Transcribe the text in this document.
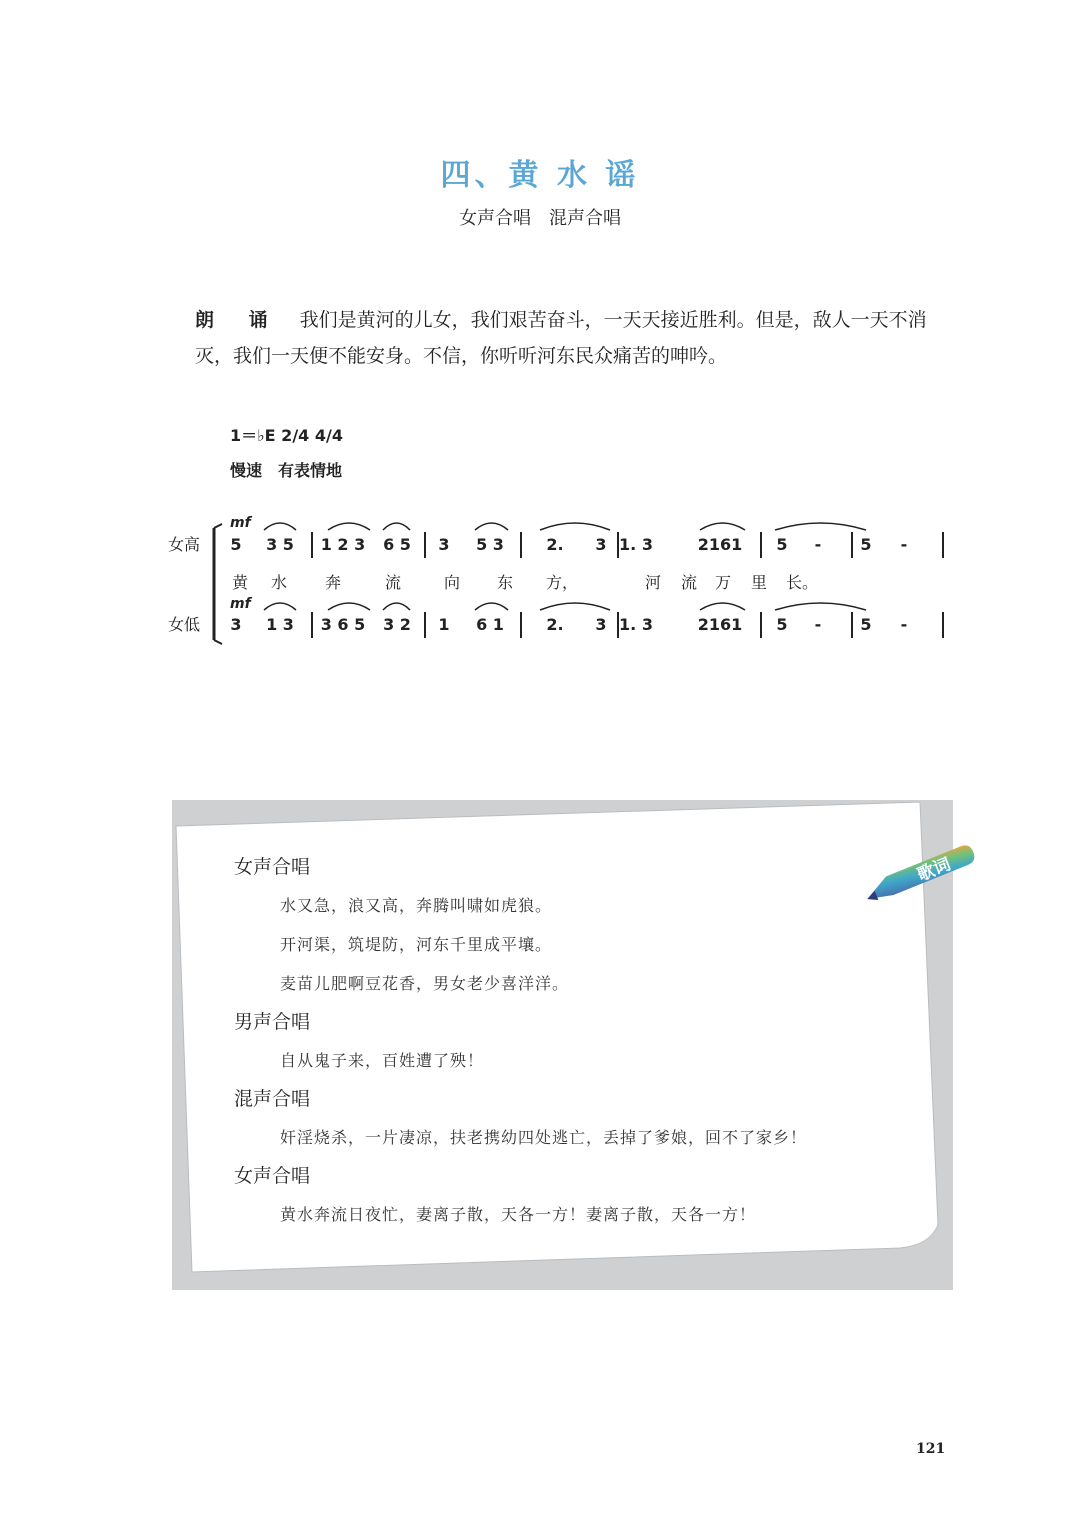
四、黄 水 谣
女声合唱　混声合唱
朗 诵 我们是黄河的儿女，我们艰苦奋斗，一天天接近胜利。但是，敌人一天不消灭，我们一天便不能安身。不信，你听听河东民众痛苦的呻吟。
1＝♭E 2/4 4/4
慢速　有表情地
女高
女低
mf
mf
5 3 5 1 2 3 6 5 3 5 3	2. 3 1. 3	2161 5 - 5 -
3 1 3 3 6 5 3 2 1 6 1	2. 3 1. 3	2161 5 - 5 -
黄 水 奔	流	向 东 方，	河 流 万 里 长。
女声合唱
水又急，浪又高，奔腾叫啸如虎狼。
开河渠，筑堤防，河东千里成平壤。
麦苗儿肥啊豆花香，男女老少喜洋洋。
男声合唱
自从鬼子来，百姓遭了殃！
混声合唱
奸淫烧杀，一片凄凉，扶老携幼四处逃亡，丢掉了爹娘，回不了家乡！
女声合唱
黄水奔流日夜忙，妻离子散，天各一方！妻离子散，天各一方！
歌词
121
